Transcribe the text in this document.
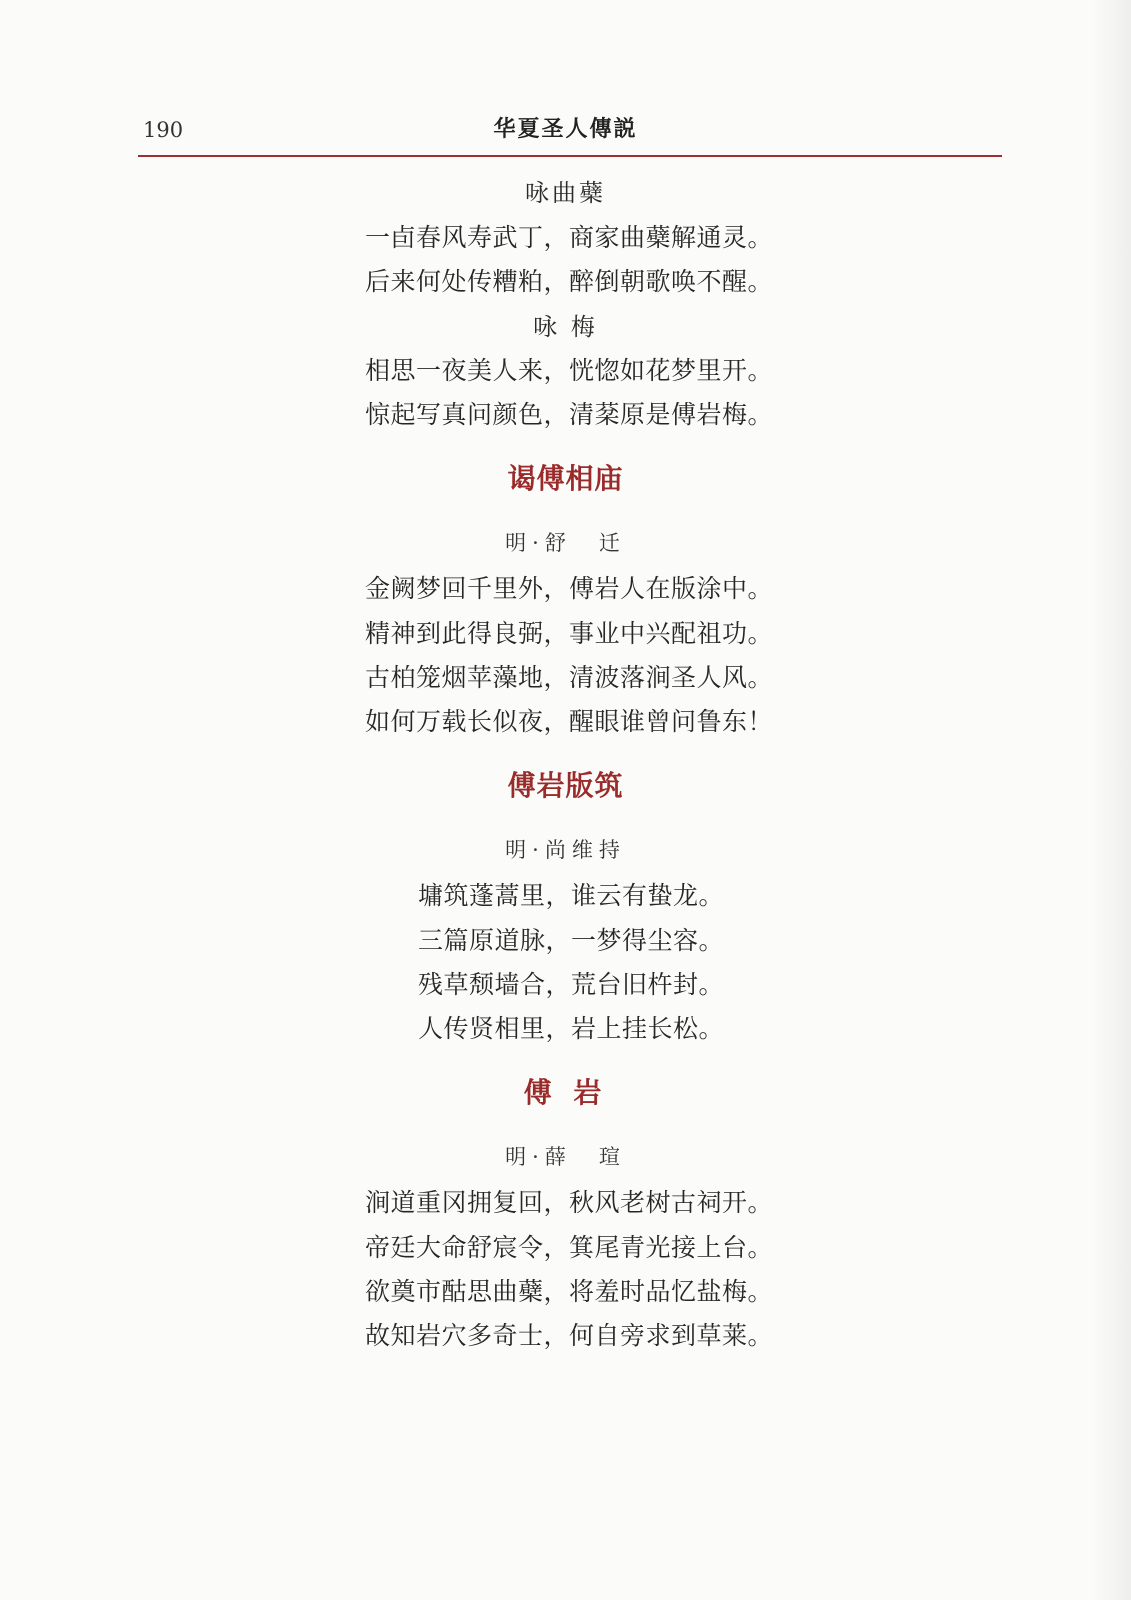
190	华夏圣人傳説
咏曲蘗
一卣春风寿武丁，商家曲蘗解通灵。
后来何处传糟粕，醉倒朝歌唤不醒。
咏 梅
相思一夜美人来，恍惚如花梦里开。
惊起写真问颜色，清棻原是傅岩梅。
谒傅相庙
明·舒　迁
金阙梦回千里外，傅岩人在版涂中。
精神到此得良弼，事业中兴配祖功。
古柏笼烟苹藻地，清波落涧圣人风。
如何万载长似夜，醒眼谁曾问鲁东！
傅岩版筑
明·尚维持
墉筑蓬蒿里，谁云有蛰龙。
三篇原道脉，一梦得尘容。
残草颓墙合，荒台旧杵封。
人传贤相里，岩上挂长松。
傅 岩
明·薛　瑄
涧道重冈拥复回，秋风老树古祠开。
帝廷大命舒宸令，箕尾青光接上台。
欲奠市酤思曲蘗，将羞时品忆盐梅。
故知岩穴多奇士，何自旁求到草莱。
